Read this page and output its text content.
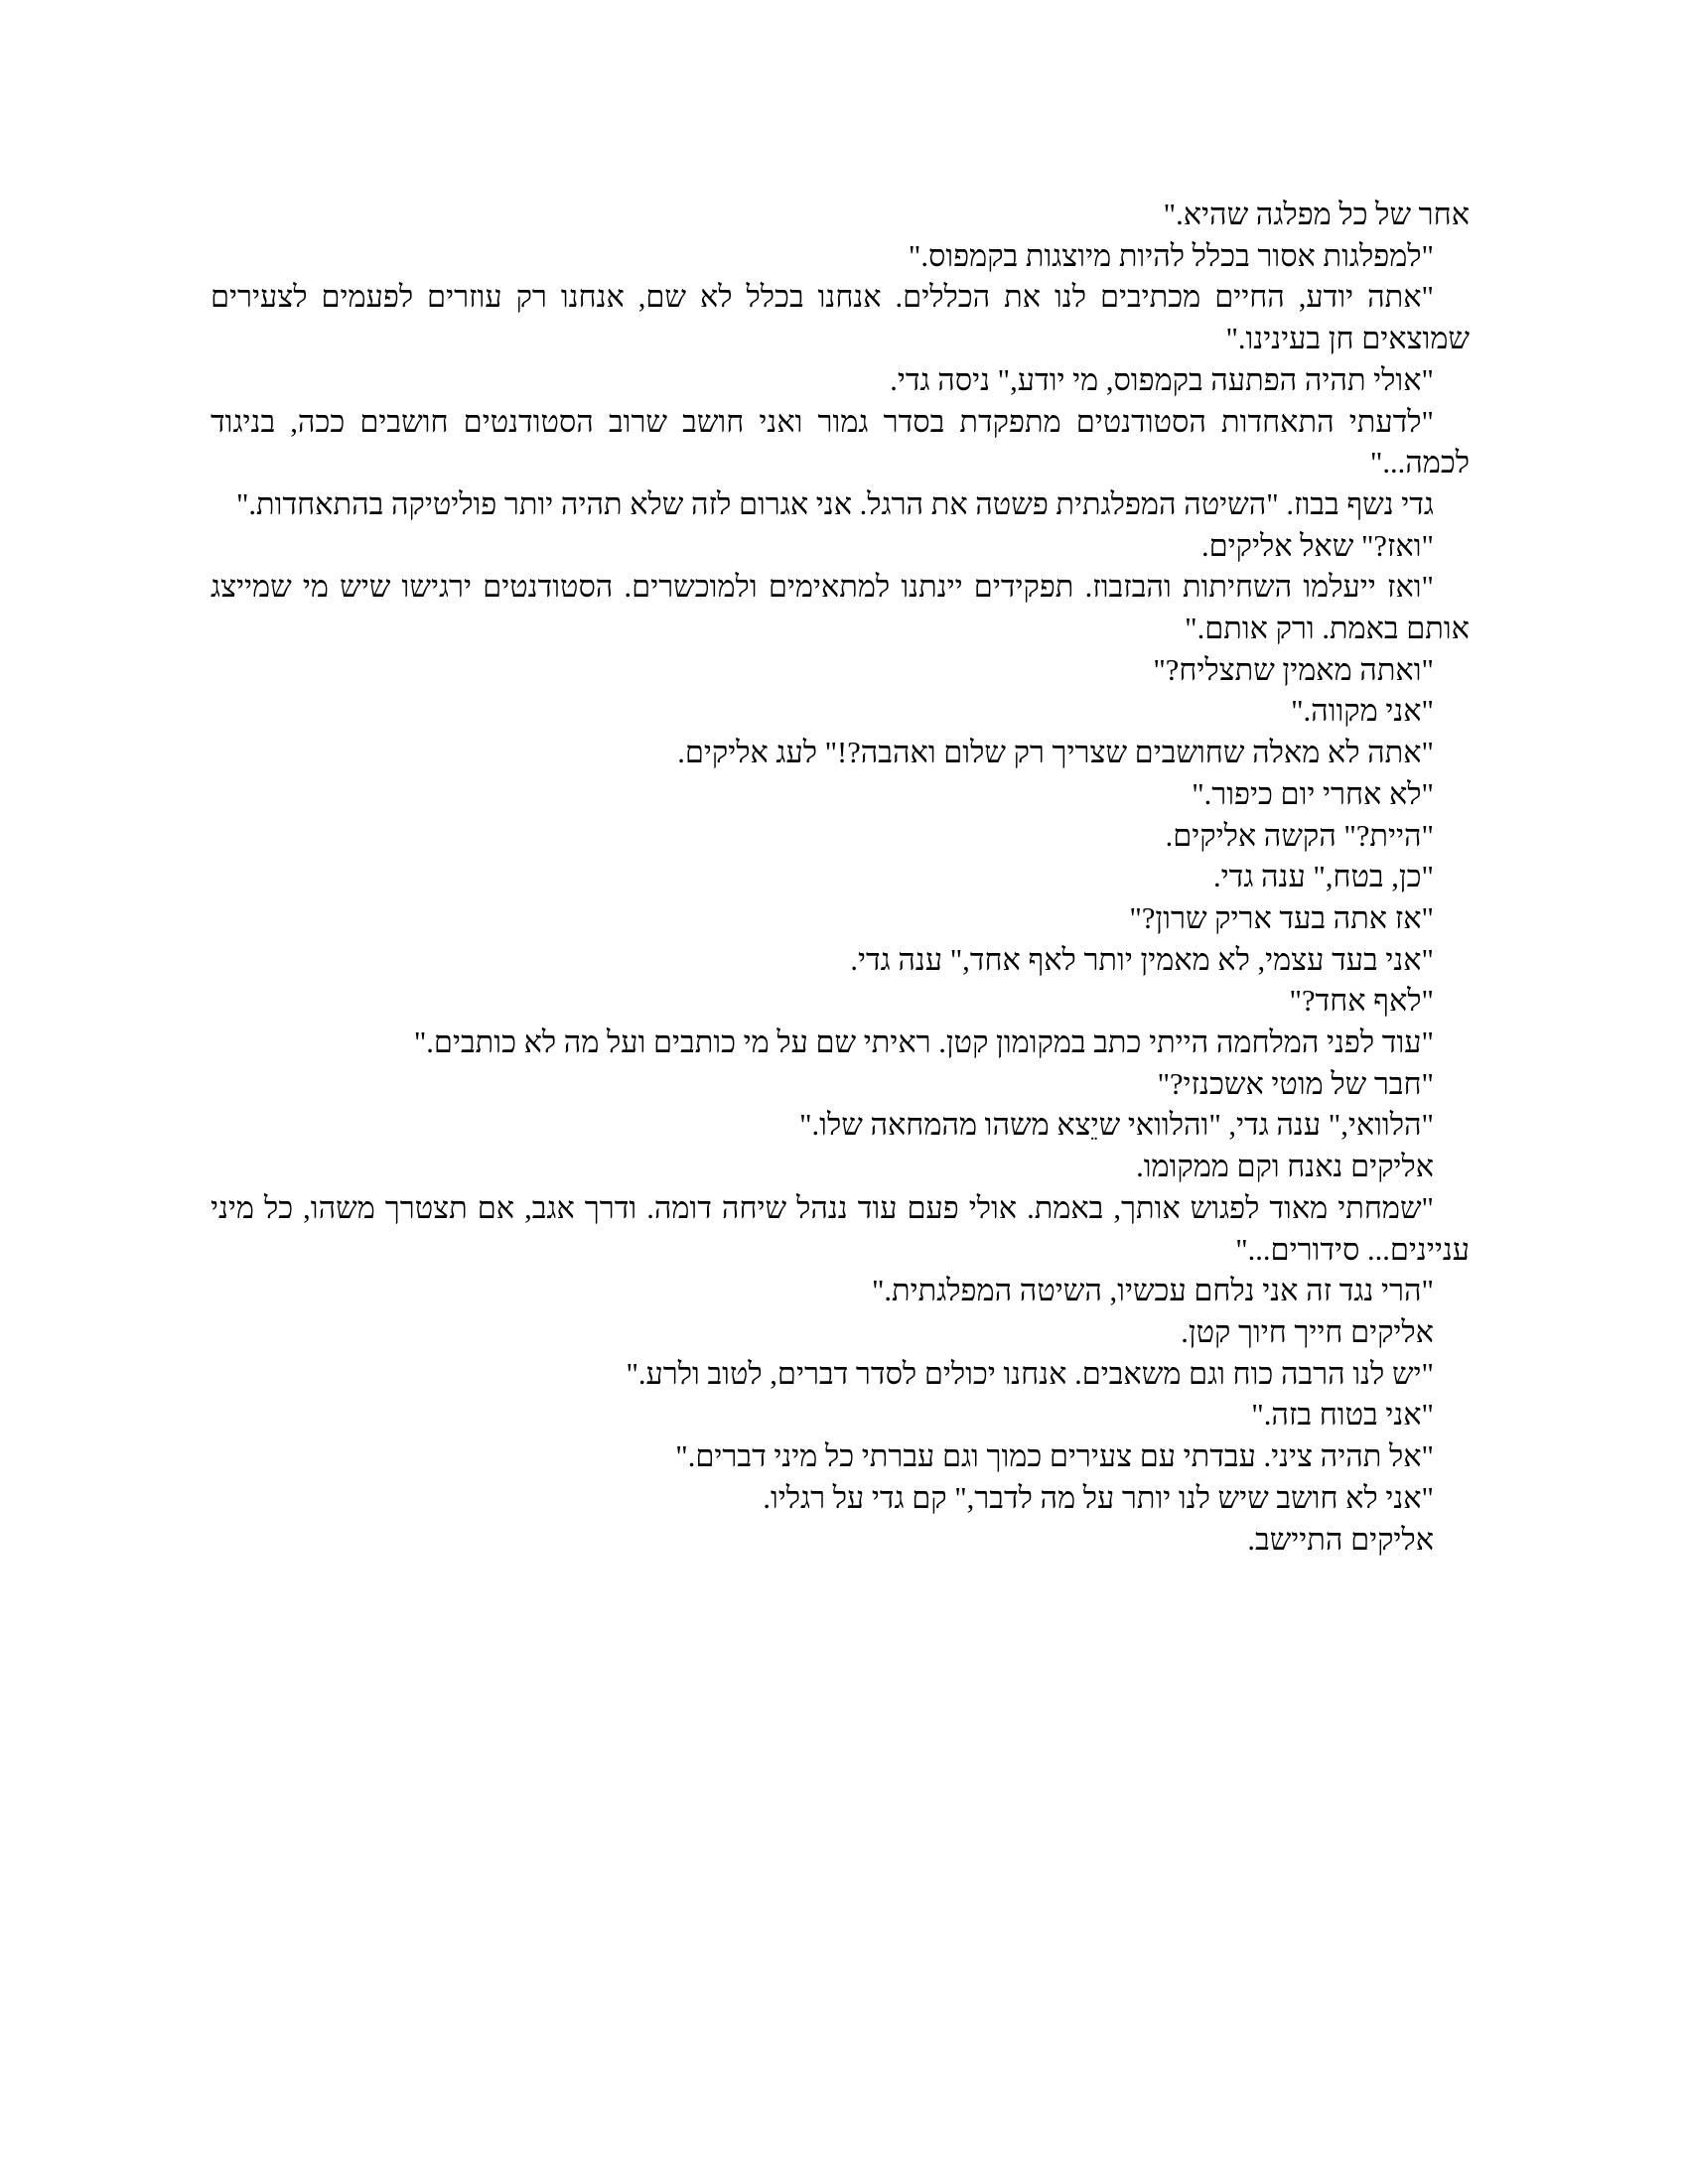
אחר של כל מפלגה שהיא."

"למפלגות אסור בכלל להיות מיוצגות בקמפוס."

"אתה יודע, החיים מכתיבים לנו את הכללים. אנחנו בכלל לא שם, אנחנו רק עוזרים לפעמים לצעירים שמוצאים חן בעינינו."

"אולי תהיה הפתעה בקמפוס, מי יודע," ניסה גדי.

"לדעתי התאחדות הסטודנטים מתפקדת בסדר גמור ואני חושב שרוב הסטודנטים חושבים ככה, בניגוד לכמה..."

גדי נשף בבוז. "השיטה המפלגתית פשטה את הרגל. אני אגרום לזה שלא תהיה יותר פוליטיקה בהתאחדות."

"ואז?" שאל אליקים.

"ואז ייעלמו השחיתות והבזבוז. תפקידים יינתנו למתאימים ולמוכשרים. הסטודנטים ירגישו שיש מי שמייצג אותם באמת. ורק אותם."

"ואתה מאמין שתצליח?"

"אני מקווה."

"אתה לא מאלה שחושבים שצריך רק שלום ואהבה?!" לעג אליקים.

"לא אחרי יום כיפור."

"היית?" הקשה אליקים.

"כן, בטח," ענה גדי.

"אז אתה בעד אריק שרון?"

"אני בעד עצמי, לא מאמין יותר לאף אחד," ענה גדי.

"לאף אחד?"

"עוד לפני המלחמה הייתי כתב במקומון קטן. ראיתי שם על מי כותבים ועל מה לא כותבים."

"חבר של מוטי אשכנזי?"

"הלוואי," ענה גדי, "והלוואי שיֵצא משהו מהמחאה שלו."

אליקים נאנח וקם ממקומו.

"שמחתי מאוד לפגוש אותך, באמת. אולי פעם עוד ננהל שיחה דומה. ודרך אגב, אם תצטרך משהו, כל מיני עניינים... סידורים..."

"הרי נגד זה אני נלחם עכשיו, השיטה המפלגתית."

אליקים חייך חיוך קטן.

"יש לנו הרבה כוח וגם משאבים. אנחנו יכולים לסדר דברים, לטוב ולרע."

"אני בטוח בזה."

"אל תהיה ציני. עבדתי עם צעירים כמוך וגם עברתי כל מיני דברים."

"אני לא חושב שיש לנו יותר על מה לדבר," קם גדי על רגליו.

אליקים התיישב.
